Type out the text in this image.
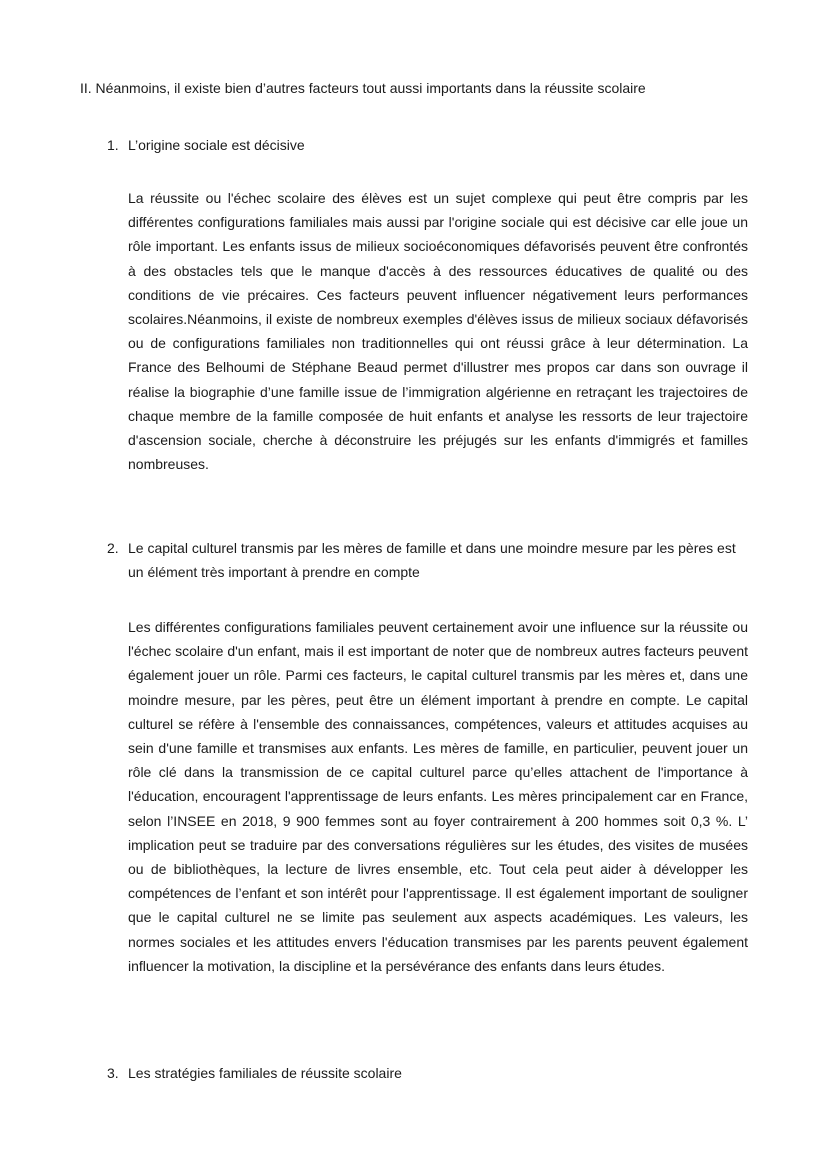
II. Néanmoins, il existe bien d’autres facteurs tout aussi importants dans la réussite scolaire
1. L’origine sociale est décisive

La réussite ou l'échec scolaire des élèves est un sujet complexe qui peut être compris par les différentes configurations familiales mais aussi par l'origine sociale qui est décisive car elle joue un rôle important. Les enfants issus de milieux socioéconomiques défavorisés peuvent être confrontés à des obstacles tels que le manque d'accès à des ressources éducatives de qualité ou des conditions de vie précaires. Ces facteurs peuvent influencer négativement leurs performances scolaires.Néanmoins, il existe de nombreux exemples d'élèves issus de milieux sociaux défavorisés ou de configurations familiales non traditionnelles qui ont réussi grâce à leur détermination. La France des Belhoumi de Stéphane Beaud permet d'illustrer mes propos car dans son ouvrage il réalise la biographie d’une famille issue de l’immigration algérienne en retraçant les trajectoires de chaque membre de la famille composée de huit enfants et analyse les ressorts de leur trajectoire d'ascension sociale, cherche à déconstruire les préjugés sur les enfants d'immigrés et familles nombreuses.

2. Le capital culturel transmis par les mères de famille et dans une moindre mesure par les pères est un élément très important à prendre en compte

Les différentes configurations familiales peuvent certainement avoir une influence sur la réussite ou l'échec scolaire d'un enfant, mais il est important de noter que de nombreux autres facteurs peuvent également jouer un rôle. Parmi ces facteurs, le capital culturel transmis par les mères et, dans une moindre mesure, par les pères, peut être un élément important à prendre en compte. Le capital culturel se réfère à l'ensemble des connaissances, compétences, valeurs et attitudes acquises au sein d'une famille et transmises aux enfants. Les mères de famille, en particulier, peuvent jouer un rôle clé dans la transmission de ce capital culturel parce qu’elles attachent de l'importance à l'éducation, encouragent l'apprentissage de leurs enfants. Les mères principalement car en France, selon l’INSEE en 2018, 9 900 femmes sont au foyer contrairement à 200 hommes soit 0,3 %. L’ implication peut se traduire par des conversations régulières sur les études, des visites de musées ou de bibliothèques, la lecture de livres ensemble, etc. Tout cela peut aider à développer les compétences de l’enfant et son intérêt pour l'apprentissage. Il est également important de souligner que le capital culturel ne se limite pas seulement aux aspects académiques. Les valeurs, les normes sociales et les attitudes envers l'éducation transmises par les parents peuvent également influencer la motivation, la discipline et la persévérance des enfants dans leurs études.

3. Les stratégies familiales de réussite scolaire
